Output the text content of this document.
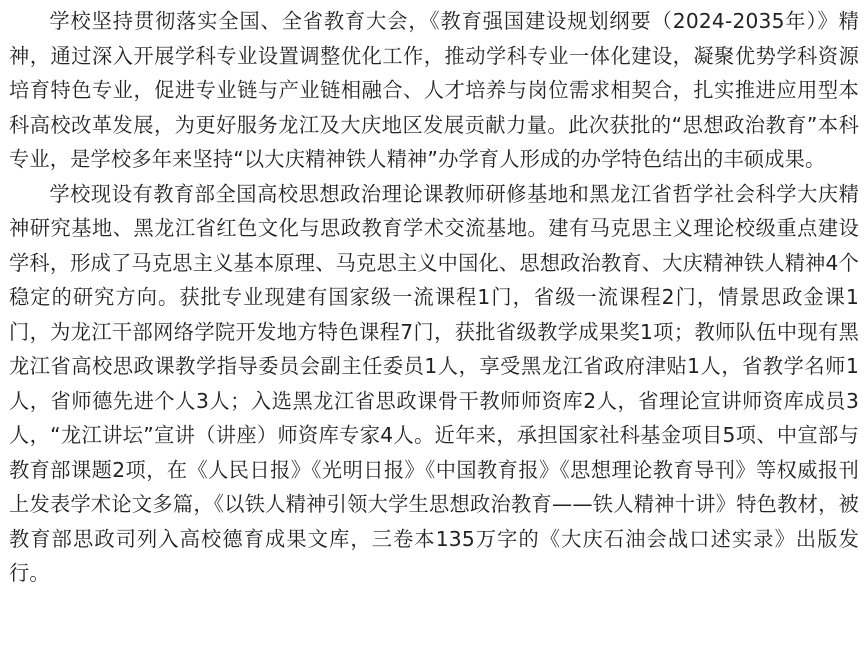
学校坚持贯彻落实全国、全省教育大会，《教育强国建设规划纲要（2024-2035年）》精神，通过深入开展学科专业设置调整优化工作，推动学科专业一体化建设，凝聚优势学科资源培育特色专业，促进专业链与产业链相融合、人才培养与岗位需求相契合，扎实推进应用型本科高校改革发展，为更好服务龙江及大庆地区发展贡献力量。此次获批的“思想政治教育”本科专业，是学校多年来坚持“以大庆精神铁人精神”办学育人形成的办学特色结出的丰硕成果。

学校现设有教育部全国高校思想政治理论课教师研修基地和黑龙江省哲学社会科学大庆精神研究基地、黑龙江省红色文化与思政教育学术交流基地。建有马克思主义理论校级重点建设学科，形成了马克思主义基本原理、马克思主义中国化、思想政治教育、大庆精神铁人精神4个稳定的研究方向。获批专业现建有国家级一流课程1门，省级一流课程2门，情景思政金课1门，为龙江干部网络学院开发地方特色课程7门，获批省级教学成果奖1项；教师队伍中现有黑龙江省高校思政课教学指导委员会副主任委员1人，享受黑龙江省政府津贴1人，省教学名师1人，省师德先进个人3人；入选黑龙江省思政课骨干教师师资库2人，省理论宣讲师资库成员3人，“龙江讲坛”宣讲（讲座）师资库专家4人。近年来，承担国家社科基金项目5项、中宣部与教育部课题2项，在《人民日报》《光明日报》《中国教育报》《思想理论教育导刊》等权威报刊上发表学术论文多篇，《以铁人精神引领大学生思想政治教育——铁人精神十讲》特色教材，被教育部思政司列入高校德育成果文库，三卷本135万字的《大庆石油会战口述实录》出版发行。
